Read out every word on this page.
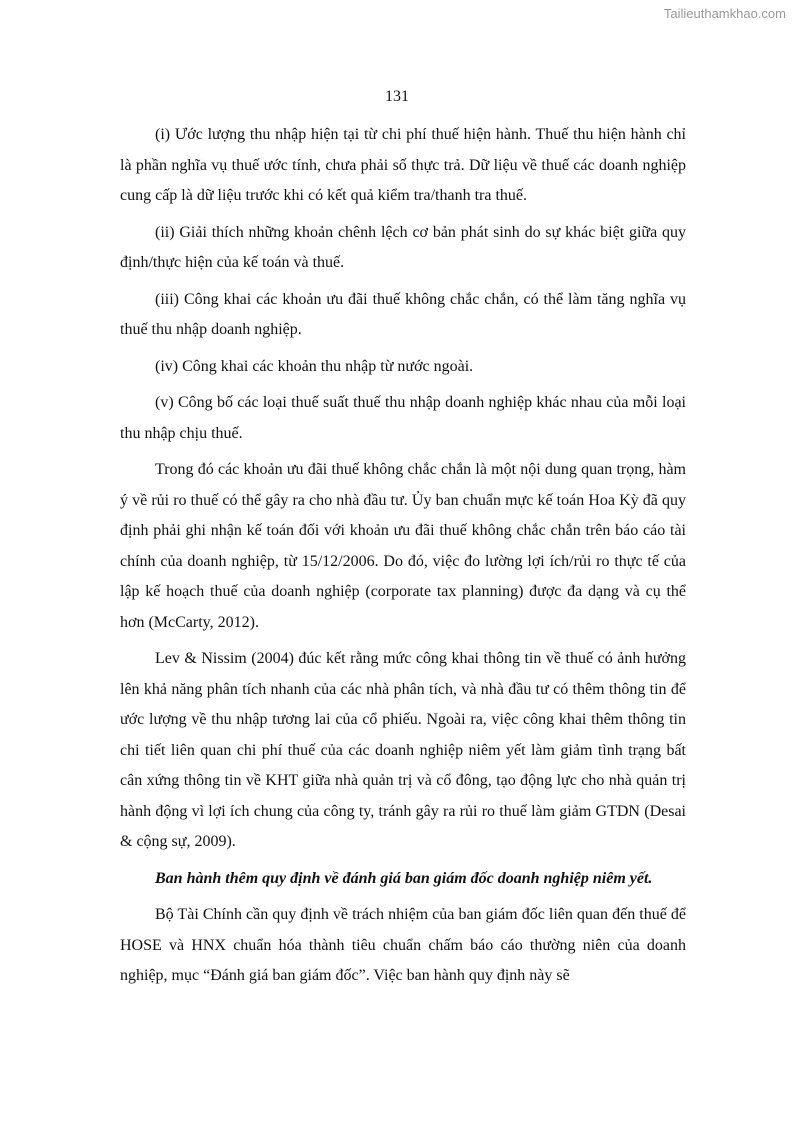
Tailieuthamkhao.com
131

(i) Ước lượng thu nhập hiện tại từ chi phí thuế hiện hành. Thuế thu hiện hành chỉ là phần nghĩa vụ thuế ước tính, chưa phải số thực trả. Dữ liệu về thuế các doanh nghiệp cung cấp là dữ liệu trước khi có kết quả kiểm tra/thanh tra thuế.

(ii) Giải thích những khoản chênh lệch cơ bản phát sinh do sự khác biệt giữa quy định/thực hiện của kế toán và thuế.

(iii) Công khai các khoản ưu đãi thuế không chắc chắn, có thể làm tăng nghĩa vụ thuế thu nhập doanh nghiệp.

(iv) Công khai các khoản thu nhập từ nước ngoài.

(v) Công bố các loại thuế suất thuế thu nhập doanh nghiệp khác nhau của mỗi loại thu nhập chịu thuế.

Trong đó các khoản ưu đãi thuế không chắc chắn là một nội dung quan trọng, hàm ý về rủi ro thuế có thể gây ra cho nhà đầu tư. Ủy ban chuẩn mực kế toán Hoa Kỳ đã quy định phải ghi nhận kế toán đối với khoản ưu đãi thuế không chắc chắn trên báo cáo tài chính của doanh nghiệp, từ 15/12/2006. Do đó, việc đo lường lợi ích/rủi ro thực tế của lập kế hoạch thuế của doanh nghiệp (corporate tax planning) được đa dạng và cụ thể hơn (McCarty, 2012).

Lev & Nissim (2004) đúc kết rằng mức công khai thông tin về thuế có ảnh hưởng lên khả năng phân tích nhanh của các nhà phân tích, và nhà đầu tư có thêm thông tin để ước lượng về thu nhập tương lai của cổ phiếu. Ngoài ra, việc công khai thêm thông tin chi tiết liên quan chi phí thuế của các doanh nghiệp niêm yết làm giảm tình trạng bất cân xứng thông tin về KHT giữa nhà quản trị và cổ đông, tạo động lực cho nhà quản trị hành động vì lợi ích chung của công ty, tránh gây ra rủi ro thuế làm giảm GTDN (Desai & cộng sự, 2009).

Ban hành thêm quy định về đánh giá ban giám đốc doanh nghiệp niêm yết.

Bộ Tài Chính cần quy định về trách nhiệm của ban giám đốc liên quan đến thuế để HOSE và HNX chuẩn hóa thành tiêu chuẩn chấm báo cáo thường niên của doanh nghiệp, mục “Đánh giá ban giám đốc”. Việc ban hành quy định này sẽ
